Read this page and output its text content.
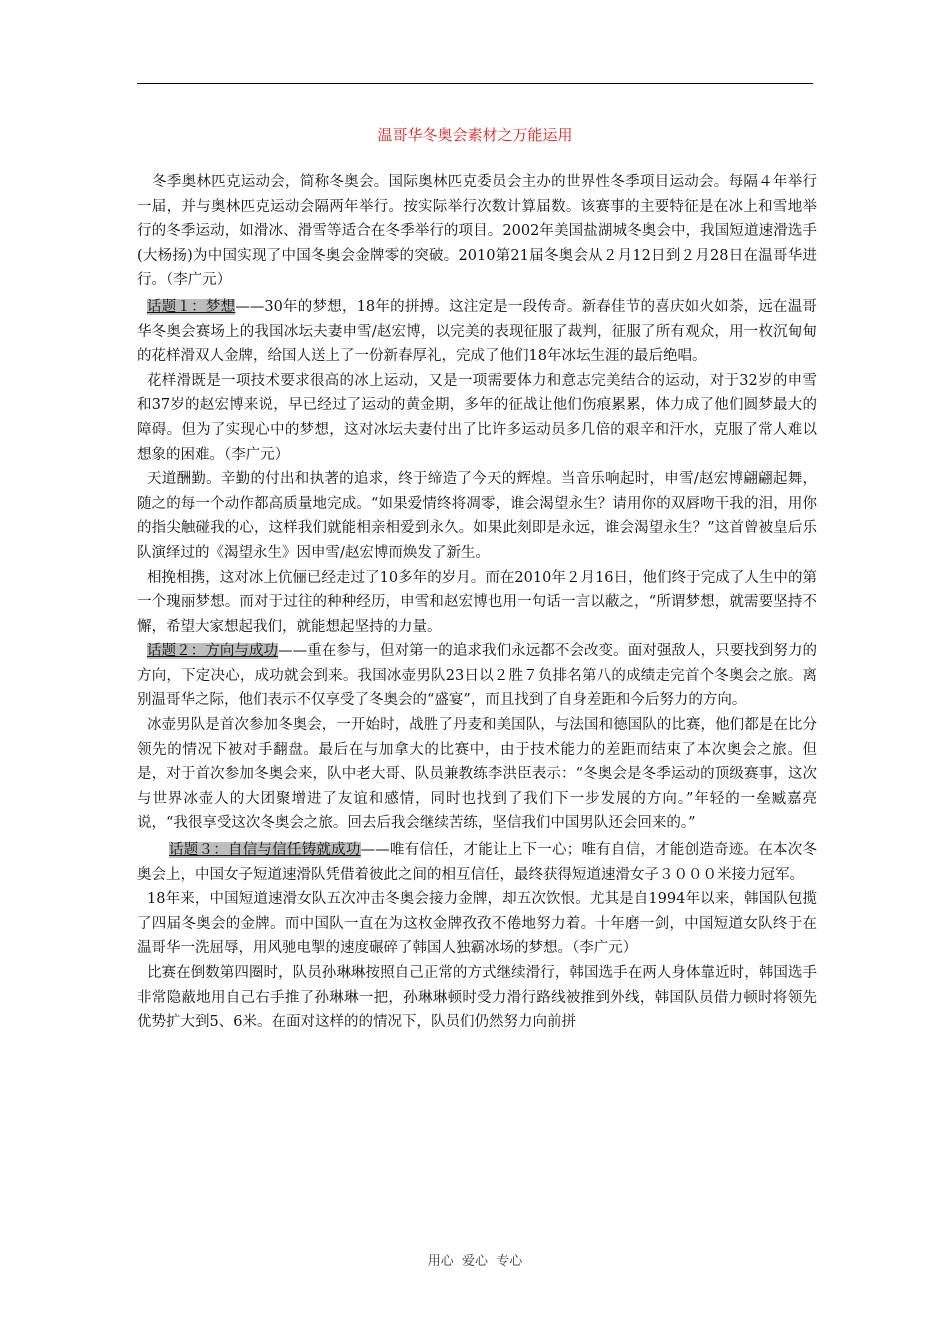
温哥华冬奥会素材之万能运用

冬季奥林匹克运动会，简称冬奥会。国际奥林匹克委员会主办的世界性冬季项目运动会。每隔４年举行一届，并与奥林匹克运动会隔两年举行。按实际举行次数计算届数。该赛事的主要特征是在冰上和雪地举行的冬季运动，如滑冰、滑雪等适合在冬季举行的项目。2002年美国盐湖城冬奥会中，我国短道速滑选手(大杨扬)为中国实现了中国冬奥会金牌零的突破。2010第21届冬奥会从２月12日到２月28日在温哥华进行。（李广元）

话题１：梦想——30年的梦想，18年的拼搏。这注定是一段传奇。新春佳节的喜庆如火如荼，远在温哥华冬奥会赛场上的我国冰坛夫妻申雪/赵宏博，以完美的表现征服了裁判，征服了所有观众，用一枚沉甸甸的花样滑双人金牌，给国人送上了一份新春厚礼，完成了他们18年冰坛生涯的最后绝唱。

花样滑既是一项技术要求很高的冰上运动，又是一项需要体力和意志完美结合的运动，对于32岁的申雪和37岁的赵宏博来说，早已经过了运动的黄金期，多年的征战让他们伤痕累累，体力成了他们圆梦最大的障碍。但为了实现心中的梦想，这对冰坛夫妻付出了比许多运动员多几倍的艰辛和汗水，克服了常人难以想象的困难。（李广元）

天道酬勤。辛勤的付出和执著的追求，终于缔造了今天的辉煌。当音乐响起时，申雪/赵宏博翩翩起舞，随之的每一个动作都高质量地完成。“如果爱情终将凋零，谁会渴望永生？请用你的双唇吻干我的泪，用你的指尖触碰我的心，这样我们就能相亲相爱到永久。如果此刻即是永远，谁会渴望永生？”这首曾被皇后乐队演绎过的《渴望永生》因申雪/赵宏博而焕发了新生。

相挽相携，这对冰上伉俪已经走过了10多年的岁月。而在2010年２月16日，他们终于完成了人生中的第一个瑰丽梦想。而对于过往的种种经历，申雪和赵宏博也用一句话一言以蔽之，“所谓梦想，就需要坚持不懈，希望大家想起我们，就能想起坚持的力量。

话题２：方向与成功——重在参与，但对第一的追求我们永远都不会改变。面对强敌人，只要找到努力的方向，下定决心，成功就会到来。我国冰壶男队23日以２胜７负排名第八的成绩走完首个冬奥会之旅。离别温哥华之际，他们表示不仅享受了冬奥会的“盛宴”，而且找到了自身差距和今后努力的方向。

冰壶男队是首次参加冬奥会，一开始时，战胜了丹麦和美国队，与法国和德国队的比赛，他们都是在比分领先的情况下被对手翻盘。最后在与加拿大的比赛中，由于技术能力的差距而结束了本次奥会之旅。但是，对于首次参加冬奥会来，队中老大哥、队员兼教练李洪臣表示：“冬奥会是冬季运动的顶级赛事，这次与世界冰壶人的大团聚增进了友谊和感情，同时也找到了我们下一步发展的方向。”年轻的一垒臧嘉亮说，“我很享受这次冬奥会之旅。回去后我会继续苦练，坚信我们中国男队还会回来的。”

话题３：自信与信任铸就成功——唯有信任，才能让上下一心；唯有自信，才能创造奇迹。在本次冬奥会上，中国女子短道速滑队凭借着彼此之间的相互信任，最终获得短道速滑女子３０００米接力冠军。

18年来，中国短道速滑女队五次冲击冬奥会接力金牌，却五次饮恨。尤其是自1994年以来，韩国队包揽了四届冬奥会的金牌。而中国队一直在为这枚金牌孜孜不倦地努力着。十年磨一剑，中国短道女队终于在温哥华一洗屈辱，用风驰电掣的速度碾碎了韩国人独霸冰场的梦想。（李广元）

比赛在倒数第四圈时，队员孙琳琳按照自己正常的方式继续滑行，韩国选手在两人身体靠近时，韩国选手非常隐蔽地用自己右手推了孙琳琳一把，孙琳琳顿时受力滑行路线被推到外线，韩国队员借力顿时将领先优势扩大到5、6米。在面对这样的的情况下，队员们仍然努力向前拼

用心  爱心  专心
